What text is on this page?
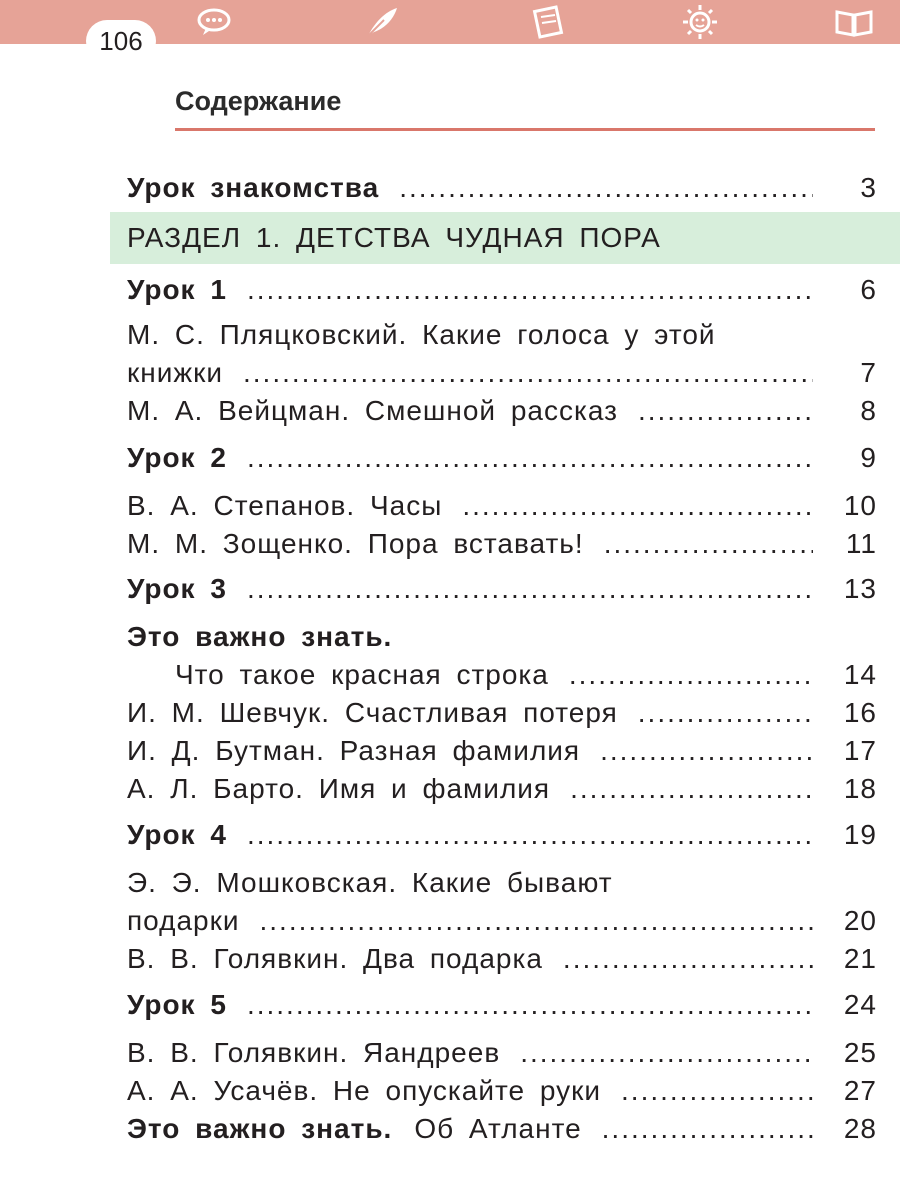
106
Содержание
Урок знакомства .....	3
РАЗДЕЛ 1. ДЕТСТВА ЧУДНАЯ ПОРА
Урок 1 .....	6
М. С. Пляцковский. Какие голоса у этой
книжки .....	7
М. А. Вейцман. Смешной рассказ .....	8
Урок 2 .....	9
В. А. Степанов. Часы .....	10
М. М. Зощенко. Пора вставать! .....	11
Урок 3 .....	13
Это важно знать.
Что такое красная строка .....	14
И. М. Шевчук. Счастливая потеря .....	16
И. Д. Бутман. Разная фамилия .....	17
А. Л. Барто. Имя и фамилия .....	18
Урок 4 .....	19
Э. Э. Мошковская. Какие бывают
подарки .....	20
В. В. Голявкин. Два подарка .....	21
Урок 5 .....	24
В. В. Голявкин. Яандреев .....	25
А. А. Усачёв. Не опускайте руки .....	27
Это важно знать. Об Атланте .....	28
